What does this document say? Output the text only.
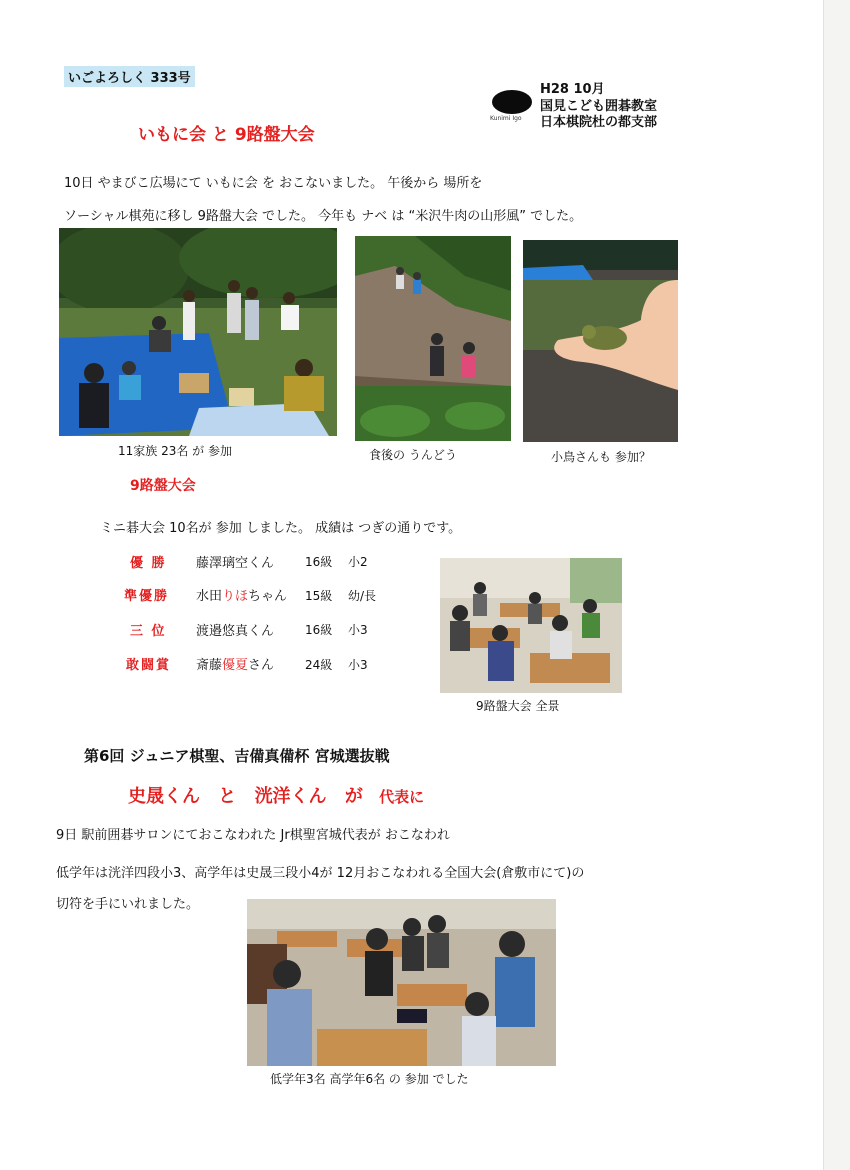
いごよろしく 333号
H28 10月
Kunimi Igo
国見こども囲碁教室
日本棋院杜の都支部
いもに会 と 9路盤大会
10日 やまびこ広場にて いもに会 を おこないました。 午後から 場所を
ソーシャル棋苑に移し 9路盤大会 でした。 今年も ナベ は “米沢牛肉の山形風” でした。
11家族 23名 が 参加	食後の うんどう	小鳥さんも 参加？
9路盤大会
ミニ碁大会 10名が 参加 しました。 成績は つぎの通りです。
優 勝 藤澤璃空くん	16級 小2
準優勝 水田りほちゃん 15級 幼/長
三 位 渡邉悠真くん	16級 小3
敢闘賞 斎藤優夏さん	24級 小3
9路盤大会 全景
第6回 ジュニア棋聖、吉備真備杯 宮城選抜戦
史晟くん と 洸洋くん が 代表に
9日 駅前囲碁サロンにておこなわれた Jr棋聖宮城代表が おこなわれ
低学年は洸洋四段小3、高学年は史晟三段小4が 12月おこなわれる全国大会(倉敷市にて)の
切符を手にいれました。
低学年3名 高学年6名 の 参加 でした
